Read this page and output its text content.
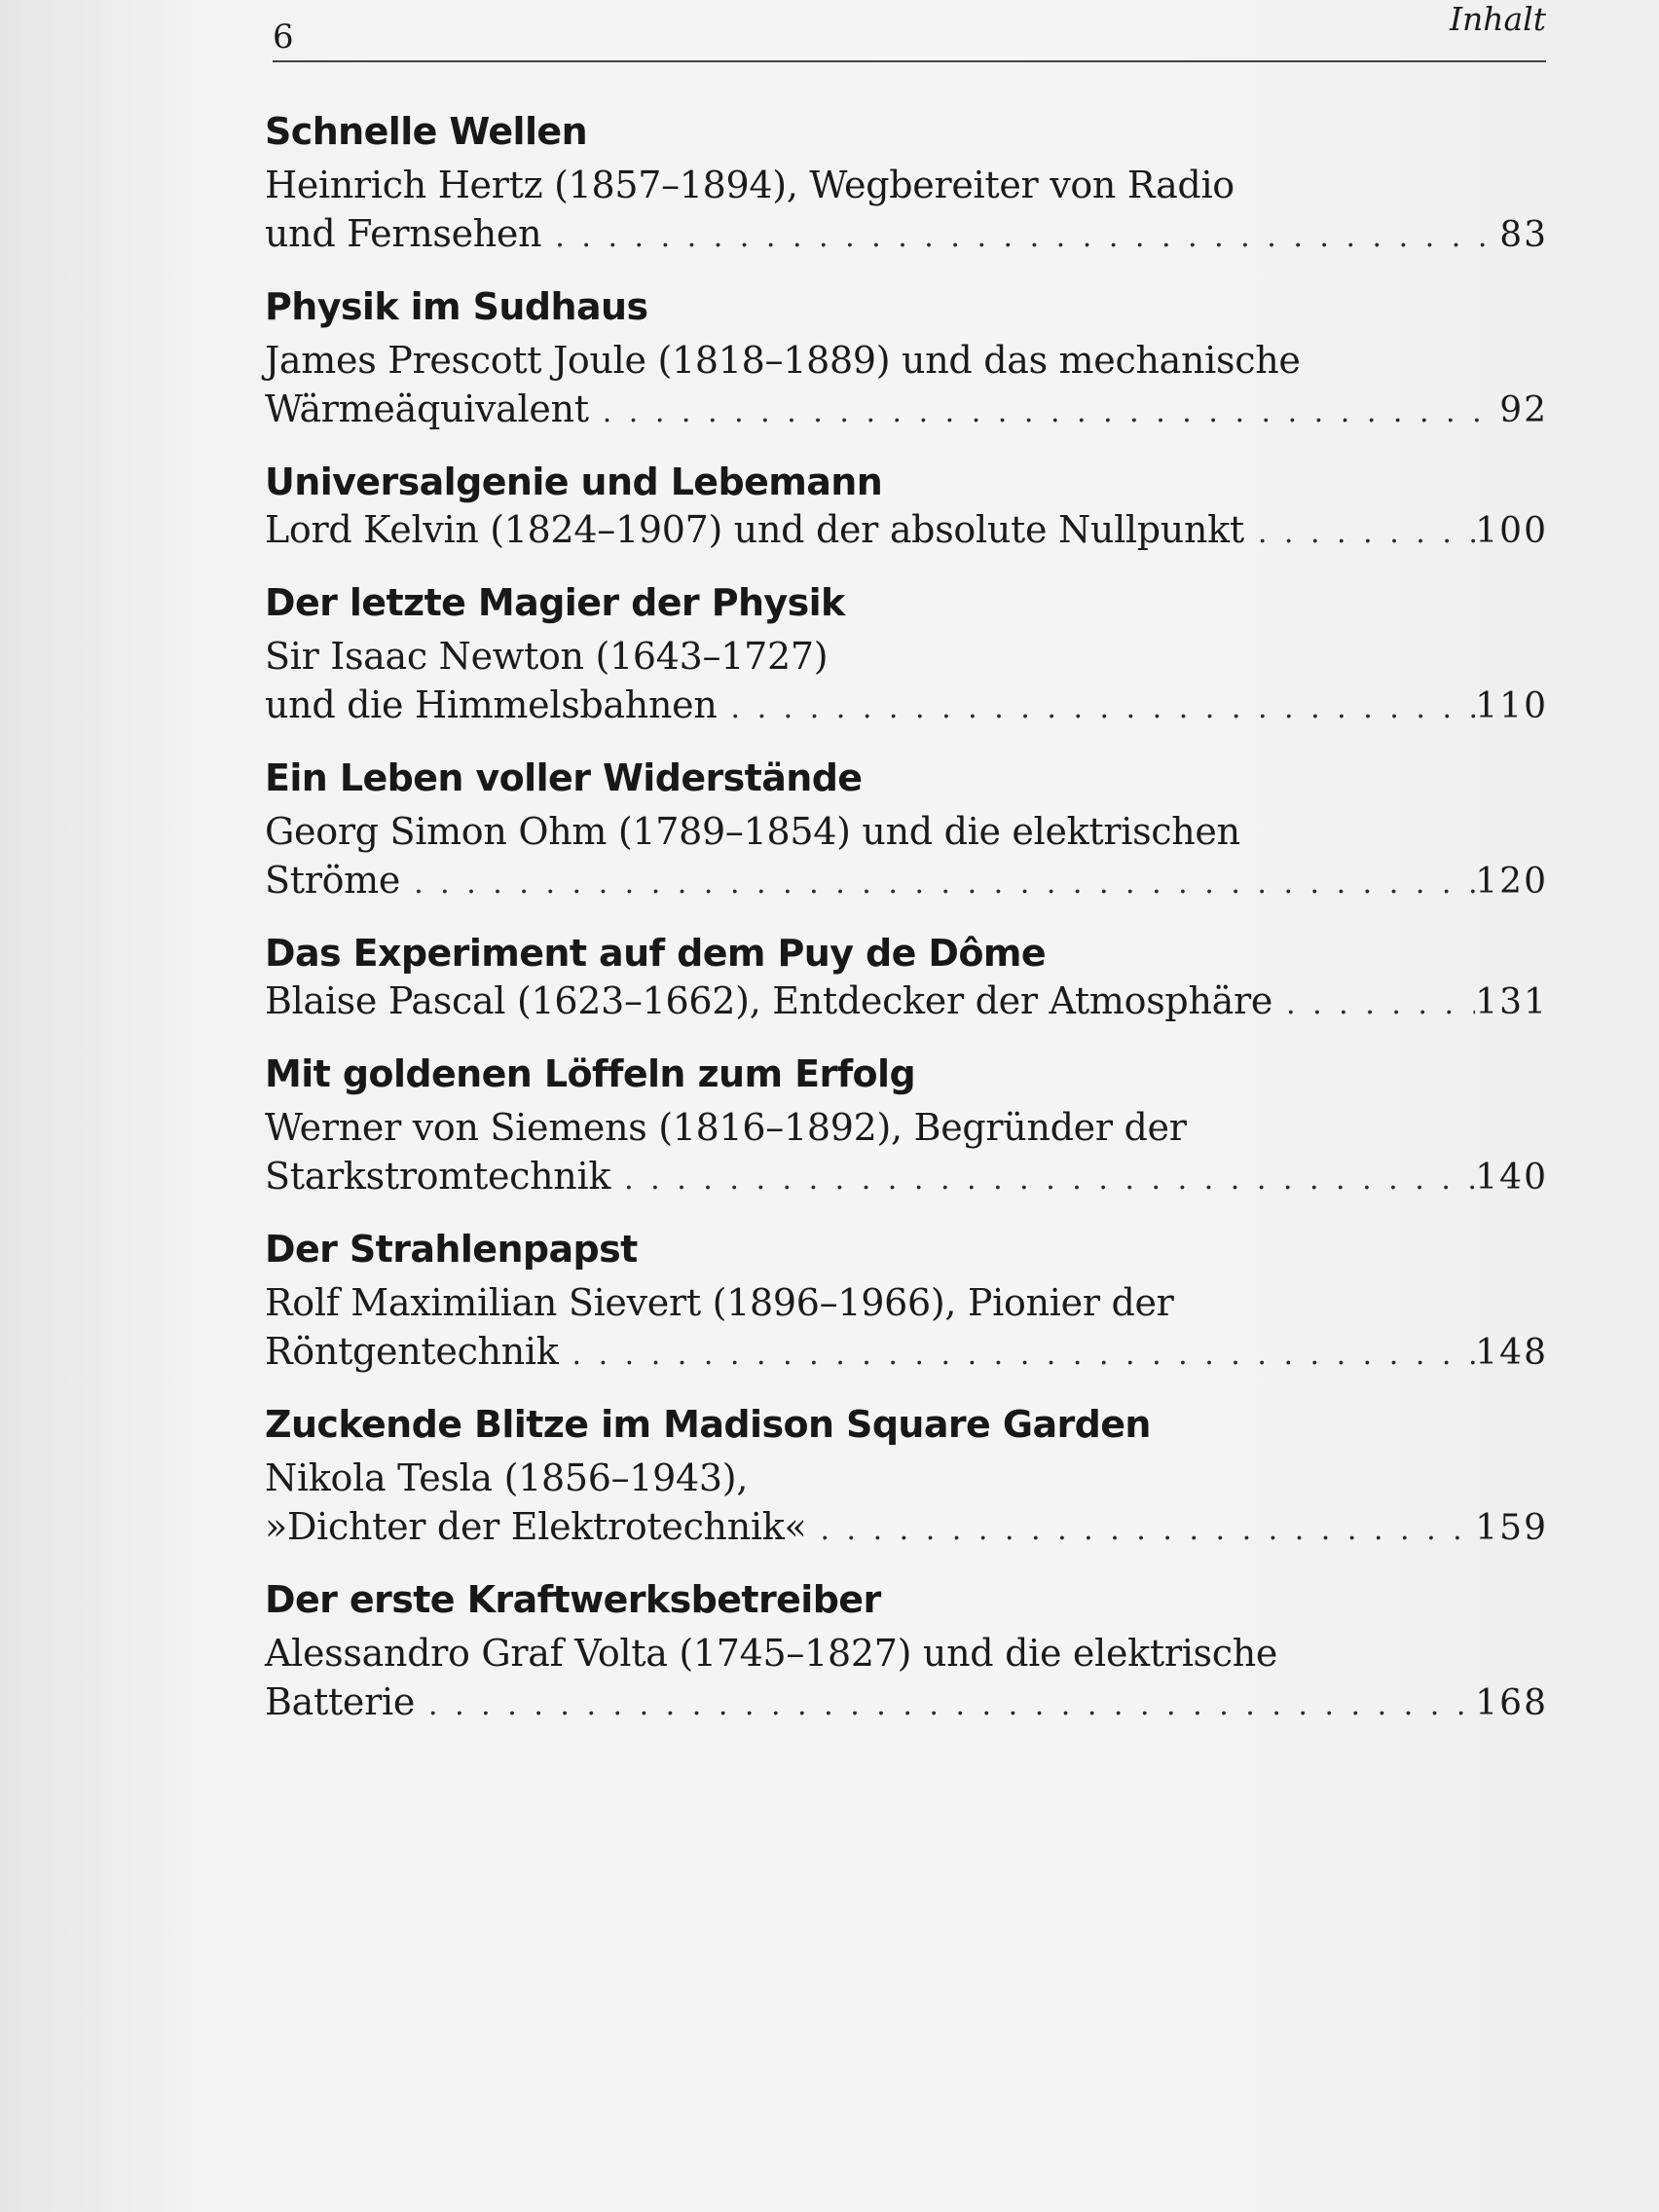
6	Inhalt
Schnelle Wellen
Heinrich Hertz (1857–1894), Wegbereiter von Radio
und Fernsehen . . .	83
Physik im Sudhaus
James Prescott Joule (1818–1889) und das mechanische
Wärmeäquivalent . . .	92
Universalgenie und Lebemann
Lord Kelvin (1824–1907) und der absolute Nullpunkt . . .	100
Der letzte Magier der Physik
Sir Isaac Newton (1643–1727)
und die Himmelsbahnen . . .	110
Ein Leben voller Widerstände
Georg Simon Ohm (1789–1854) und die elektrischen
Ströme . . .	120
Das Experiment auf dem Puy de Dôme
Blaise Pascal (1623–1662), Entdecker der Atmosphäre . . .	131
Mit goldenen Löffeln zum Erfolg
Werner von Siemens (1816–1892), Begründer der
Starkstromtechnik . . .	140
Der Strahlenpapst
Rolf Maximilian Sievert (1896–1966), Pionier der
Röntgentechnik . . .	148
Zuckende Blitze im Madison Square Garden
Nikola Tesla (1856–1943),
»Dichter der Elektrotechnik« . . .	159
Der erste Kraftwerksbetreiber
Alessandro Graf Volta (1745–1827) und die elektrische
Batterie . . .	168
